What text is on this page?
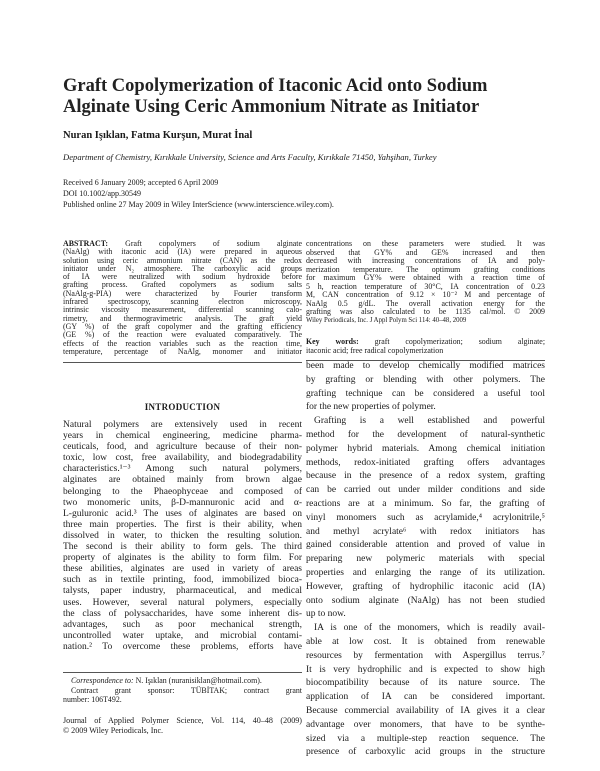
Graft Copolymerization of Itaconic Acid onto Sodium
Alginate Using Ceric Ammonium Nitrate as Initiator
Nuran Işıklan, Fatma Kurşun, Murat İnal
Department of Chemistry, Kırıkkale University, Science and Arts Faculty, Kırıkkale 71450, Yahşihan, Turkey
Received 6 January 2009; accepted 6 April 2009
DOI 10.1002/app.30549
Published online 27 May 2009 in Wiley InterScience (www.interscience.wiley.com).
ABSTRACT: Graft copolymers of sodium alginate
(NaAlg) with itaconic acid (IA) were prepared in aqueous
solution using ceric ammonium nitrate (CAN) as the redox
initiator under N₂ atmosphere. The carboxylic acid groups
of IA were neutralized with sodium hydroxide before
grafting process. Grafted copolymers as sodium salts
(NaAlg-g-PIA) were characterized by Fourier transform
infrared spectroscopy, scanning electron microscopy,
intrinsic viscosity measurement, differential scanning calo-
rimetry, and thermogravimetric analysis. The graft yield
(GY %) of the graft copolymer and the grafting efficiency
(GE %) of the reaction were evaluated comparatively. The
effects of the reaction variables such as the reaction time,
temperature, percentage of NaAlg, monomer and initiator
concentrations on these parameters were studied. It was
observed that GY% and GE% increased and then
decreased with increasing concentrations of IA and poly-
merization temperature. The optimum grafting conditions
for maximum GY% were obtained with a reaction time of
5 h, reaction temperature of 30°C, IA concentration of 0.23
M, CAN concentration of 9.12 × 10⁻² M and percentage of
NaAlg 0.5 g/dL. The overall activation energy for the
grafting was also calculated to be 1135 cal/mol. © 2009
Wiley Periodicals, Inc. J Appl Polym Sci 114: 40–48, 2009
Key words: graft copolymerization; sodium alginate;
itaconic acid; free radical copolymerization
INTRODUCTION
Natural polymers are extensively used in recent
years in chemical engineering, medicine pharma-
ceuticals, food, and agriculture because of their non-
toxic, low cost, free availability, and biodegradability
characteristics.¹⁻³ Among such natural polymers,
alginates are obtained mainly from brown algae
belonging to the Phaeophyceae and composed of
two monomeric units, β-D-mannuronic acid and α-
L-guluronic acid.³ The uses of alginates are based on
three main properties. The first is their ability, when
dissolved in water, to thicken the resulting solution.
The second is their ability to form gels. The third
property of alginates is the ability to form film. For
these abilities, alginates are used in variety of areas
such as in textile printing, food, immobilized bioca-
talysts, paper industry, pharmaceutical, and medical
uses. However, several natural polymers, especially
the class of polysaccharides, have some inherent dis-
advantages, such as poor mechanical strength,
uncontrolled water uptake, and microbial contami-
nation.² To overcome these problems, efforts have
been made to develop chemically modified matrices
by grafting or blending with other polymers. The
grafting technique can be considered a useful tool
for the new properties of polymer.
Grafting is a well established and powerful
method for the development of natural-synthetic
polymer hybrid materials. Among chemical initiation
methods, redox-initiated grafting offers advantages
because in the presence of a redox system, grafting
can be carried out under milder conditions and side
reactions are at a minimum. So far, the grafting of
vinyl monomers such as acrylamide,⁴ acrylonitrile,⁵
and methyl acrylate⁶ with redox initiators has
gained considerable attention and proved of value in
preparing new polymeric materials with special
properties and enlarging the range of its utilization.
However, grafting of hydrophilic itaconic acid (IA)
onto sodium alginate (NaAlg) has not been studied
up to now.
IA is one of the monomers, which is readily avail-
able at low cost. It is obtained from renewable
resources by fermentation with Aspergillus terrus.⁷
It is very hydrophilic and is expected to show high
biocompatibility because of its nature source. The
application of IA can be considered important.
Because commercial availability of IA gives it a clear
advantage over monomers, that have to be synthe-
sized via a multiple-step reaction sequence. The
presence of carboxylic acid groups in the structure
Correspondence to: N. Işıklan (nuranisiklan@hotmail.com).
Contract grant sponsor: TÜBİTAK; contract grant
number: 106T492.
Journal of Applied Polymer Science, Vol. 114, 40–48 (2009)
© 2009 Wiley Periodicals, Inc.
